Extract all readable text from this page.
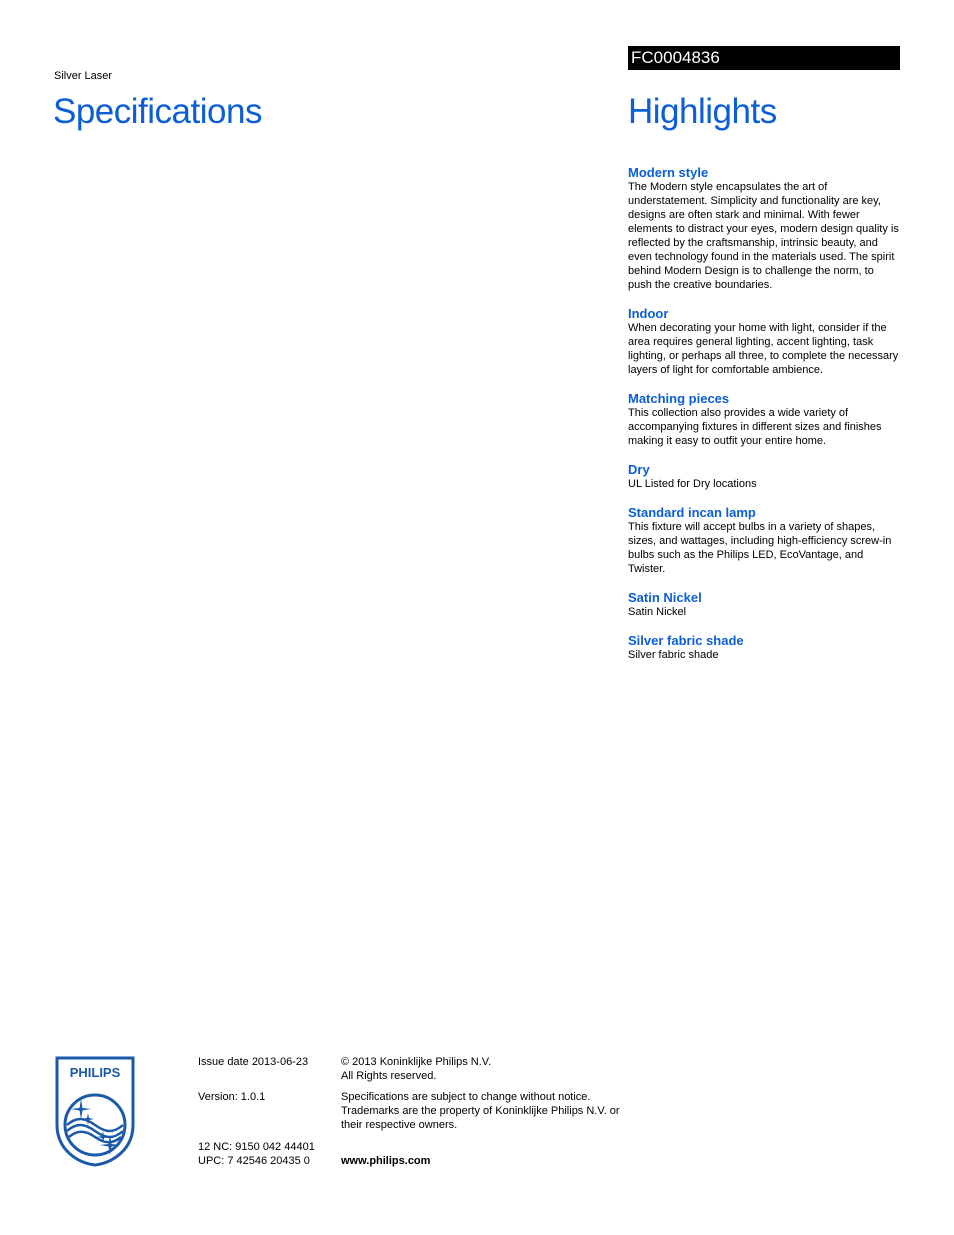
Silver Laser
Specifications
FC0004836
Highlights
Modern style
The Modern style encapsulates the art of understatement. Simplicity and functionality are key, designs are often stark and minimal. With fewer elements to distract your eyes, modern design quality is reflected by the craftsmanship, intrinsic beauty, and even technology found in the materials used. The spirit behind Modern Design is to challenge the norm, to push the creative boundaries.
Indoor
When decorating your home with light, consider if the area requires general lighting, accent lighting, task lighting, or perhaps all three, to complete the necessary layers of light for comfortable ambience.
Matching pieces
This collection also provides a wide variety of accompanying fixtures in different sizes and finishes making it easy to outfit your entire home.
Dry
UL Listed for Dry locations
Standard incan lamp
This fixture will accept bulbs in a variety of shapes, sizes, and wattages, including high-efficiency screw-in bulbs such as the Philips LED, EcoVantage, and Twister.
Satin Nickel
Satin Nickel
Silver fabric shade
Silver fabric shade
PHILIPS
Issue date 2013-06-23
Version: 1.0.1
12 NC: 9150 042 44401
UPC: 7 42546 20435 0
© 2013 Koninklijke Philips N.V.
All Rights reserved.
Specifications are subject to change without notice. Trademarks are the property of Koninklijke Philips N.V. or their respective owners.
www.philips.com
